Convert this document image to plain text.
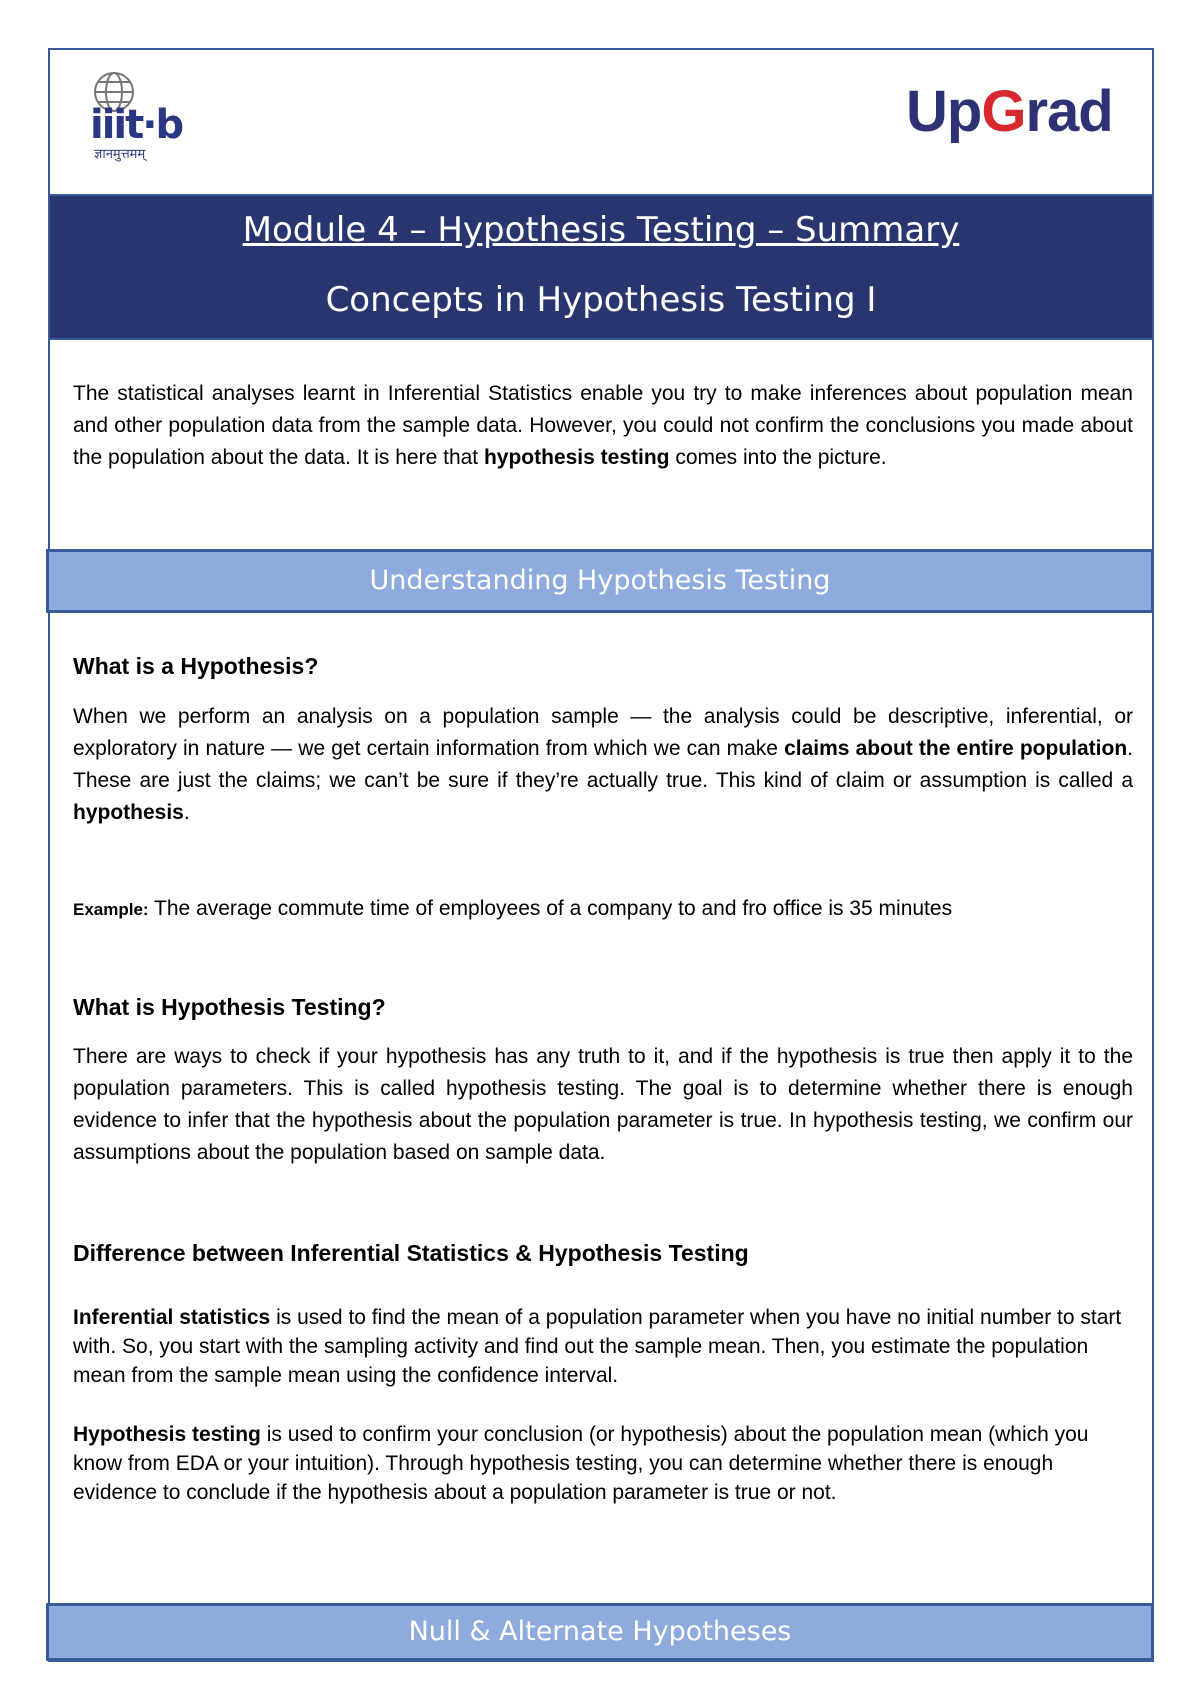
iiit·b
ज्ञानमुत्तमम्
UpGrad
Module 4 – Hypothesis Testing – Summary
Concepts in Hypothesis Testing I
The statistical analyses learnt in Inferential Statistics enable you try to make inferences about population mean and other population data from the sample data. However, you could not confirm the conclusions you made about the population about the data. It is here that hypothesis testing comes into the picture.
Understanding Hypothesis Testing
What is a Hypothesis?
When we perform an analysis on a population sample — the analysis could be descriptive, inferential, or exploratory in nature — we get certain information from which we can make claims about the entire population. These are just the claims; we can’t be sure if they’re actually true. This kind of claim or assumption is called a hypothesis.
Example: The average commute time of employees of a company to and fro office is 35 minutes
What is Hypothesis Testing?
There are ways to check if your hypothesis has any truth to it, and if the hypothesis is true then apply it to the population parameters. This is called hypothesis testing. The goal is to determine whether there is enough evidence to infer that the hypothesis about the population parameter is true. In hypothesis testing, we confirm our assumptions about the population based on sample data.
Difference between Inferential Statistics & Hypothesis Testing
Inferential statistics is used to find the mean of a population parameter when you have no initial number to start with. So, you start with the sampling activity and find out the sample mean. Then, you estimate the population mean from the sample mean using the confidence interval.
Hypothesis testing is used to confirm your conclusion (or hypothesis) about the population mean (which you know from EDA or your intuition). Through hypothesis testing, you can determine whether there is enough evidence to conclude if the hypothesis about a population parameter is true or not.
Null & Alternate Hypotheses
